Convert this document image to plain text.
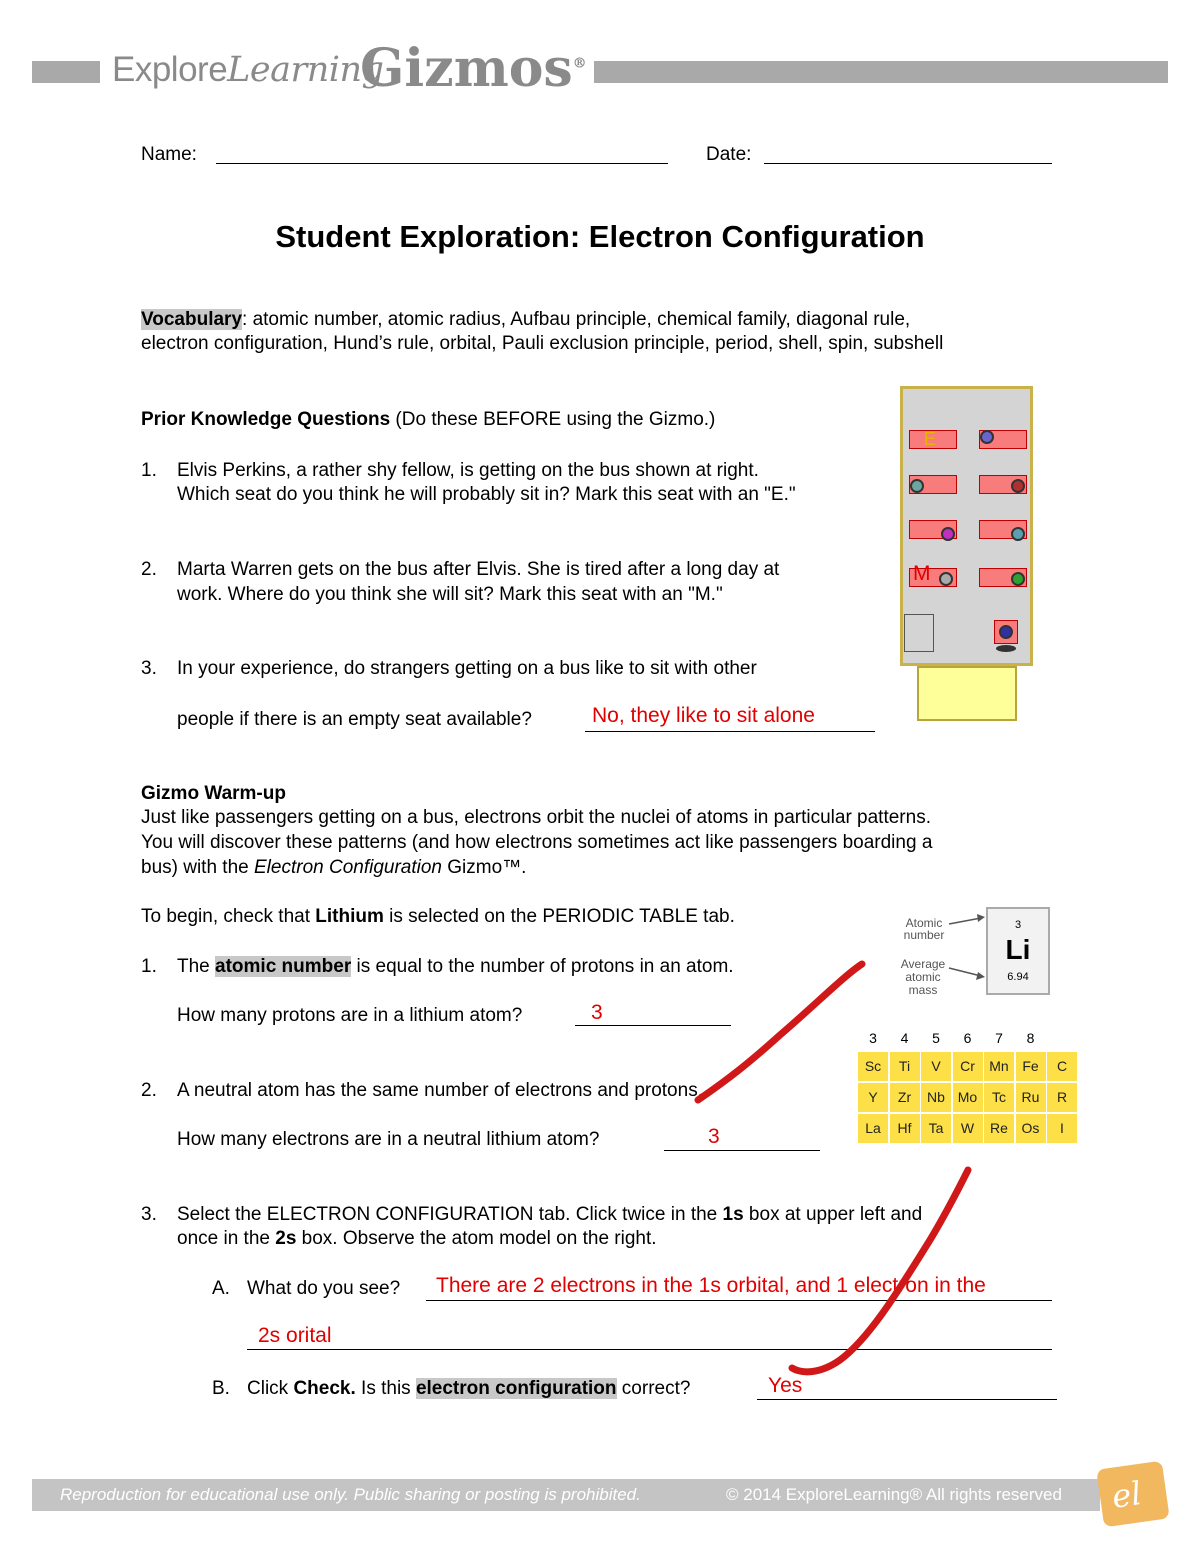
ExploreLearning
Gizmos®
Name:	Date:
Student Exploration: Electron Configuration
Vocabulary: atomic number, atomic radius, Aufbau principle, chemical family, diagonal rule,
electron configuration, Hund’s rule, orbital, Pauli exclusion principle, period, shell, spin, subshell
Prior Knowledge Questions (Do these BEFORE using the Gizmo.)
1. Elvis Perkins, a rather shy fellow, is getting on the bus shown at right.
Which seat do you think he will probably sit in? Mark this seat with an "E."
2. Marta Warren gets on the bus after Elvis. She is tired after a long day at
work. Where do you think she will sit? Mark this seat with an "M."
3. In your experience, do strangers getting on a bus like to sit with other
people if there is an empty seat available?	No, they like to sit alone
E
M
Gizmo Warm-up
Just like passengers getting on a bus, electrons orbit the nuclei of atoms in particular patterns.
You will discover these patterns (and how electrons sometimes act like passengers boarding a
bus) with the Electron Configuration Gizmo™.
To begin, check that Lithium is selected on the PERIODIC TABLE tab.
1. The atomic number is equal to the number of protons in an atom.
How many protons are in a lithium atom?	3
2. A neutral atom has the same number of electrons and protons.
How many electrons are in a neutral lithium atom?	3
3. Select the ELECTRON CONFIGURATION tab. Click twice in the 1s box at upper left and
once in the 2s box. Observe the atom model on the right.
A. What do you see? There are 2 electrons in the 1s orbital, and 1 electron in the
2s orital
B. Click Check. Is this electron configuration correct?	Yes
Atomic number
Average atomic mass
3
Li
6.94
3	4	5	6	7	8
Sc	Ti	V	Cr	Mn Fe	C
Y	Zr	Nb Mo	Tc	Ru	R
La	Hf	Ta	W	Re Os	I
Reproduction for educational use only. Public sharing or posting is prohibited.	© 2014 ExploreLearning® All rights reserved el
